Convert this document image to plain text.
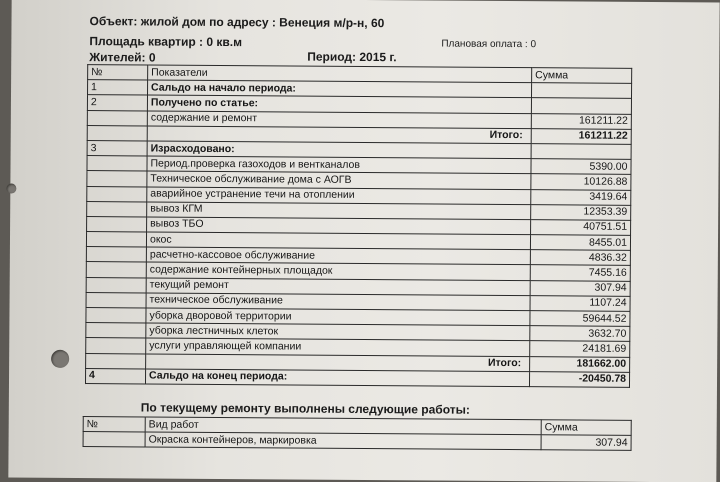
Объект: жилой дом по адресу : Венеция м/р-н, 60
Площадь квартир : 0 кв.м	Плановая оплата : 0
Жителей: 0	Период: 2015 г.
№	Показатели	Сумма
1	Сальдо на начало периода:	
2	Получено по статье:	
	содержание и ремонт	161211.22
	Итого:	161211.22
3	Израсходовано:	
	Период.проверка газоходов и вентканалов	5390.00
	Техническое обслуживание дома с АОГВ	10126.88
	аварийное устранение течи на отоплении	3419.64
	вывоз КГМ	12353.39
	вывоз ТБО	40751.51
	окос	8455.01
	расчетно-кассовое обслуживание	4836.32
	содержание контейнерных площадок	7455.16
	текущий ремонт	307.94
	техническое обслуживание	1107.24
	уборка дворовой территории	59644.52
	уборка лестничных клеток	3632.70
	услуги управляющей компании	24181.69
	Итого:	181662.00
4	Сальдо на конец периода:	-20450.78
По текущему ремонту выполнены следующие работы:
№	Вид работ	Сумма
	Окраска контейнеров, маркировка	307.94
